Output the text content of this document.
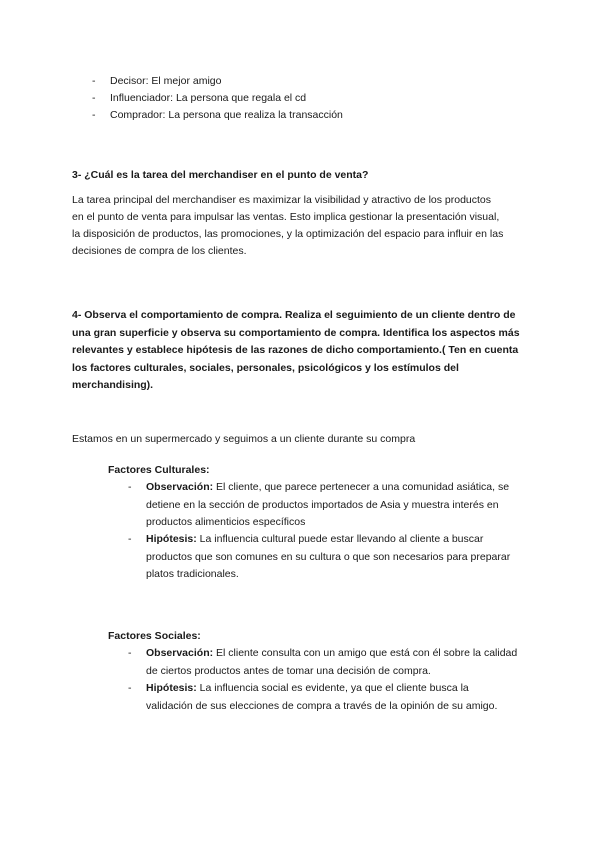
- Decisor: El mejor amigo
- Influenciador: La persona que regala el cd
- Comprador: La persona que realiza la transacción
3- ¿Cuál es la tarea del merchandiser en el punto de venta?
La tarea principal del merchandiser es maximizar la visibilidad y atractivo de los productos
en el punto de venta para impulsar las ventas. Esto implica gestionar la presentación visual,
la disposición de productos, las promociones, y la optimización del espacio para influir en las
decisiones de compra de los clientes.
4- Observa el comportamiento de compra. Realiza el seguimiento de un cliente dentro de
una gran superficie y observa su comportamiento de compra. Identifica los aspectos más
relevantes y establece hipótesis de las razones de dicho comportamiento.( Ten en cuenta
los factores culturales, sociales, personales, psicológicos y los estímulos del
merchandising).
Estamos en un supermercado y seguimos a un cliente durante su compra
Factores Culturales:
- Observación: El cliente, que parece pertenecer a una comunidad asiática, se
detiene en la sección de productos importados de Asia y muestra interés en
productos alimenticios específicos
- Hipótesis: La influencia cultural puede estar llevando al cliente a buscar
productos que son comunes en su cultura o que son necesarios para preparar
platos tradicionales.
Factores Sociales:
- Observación: El cliente consulta con un amigo que está con él sobre la calidad
de ciertos productos antes de tomar una decisión de compra.
- Hipótesis: La influencia social es evidente, ya que el cliente busca la
validación de sus elecciones de compra a través de la opinión de su amigo.
